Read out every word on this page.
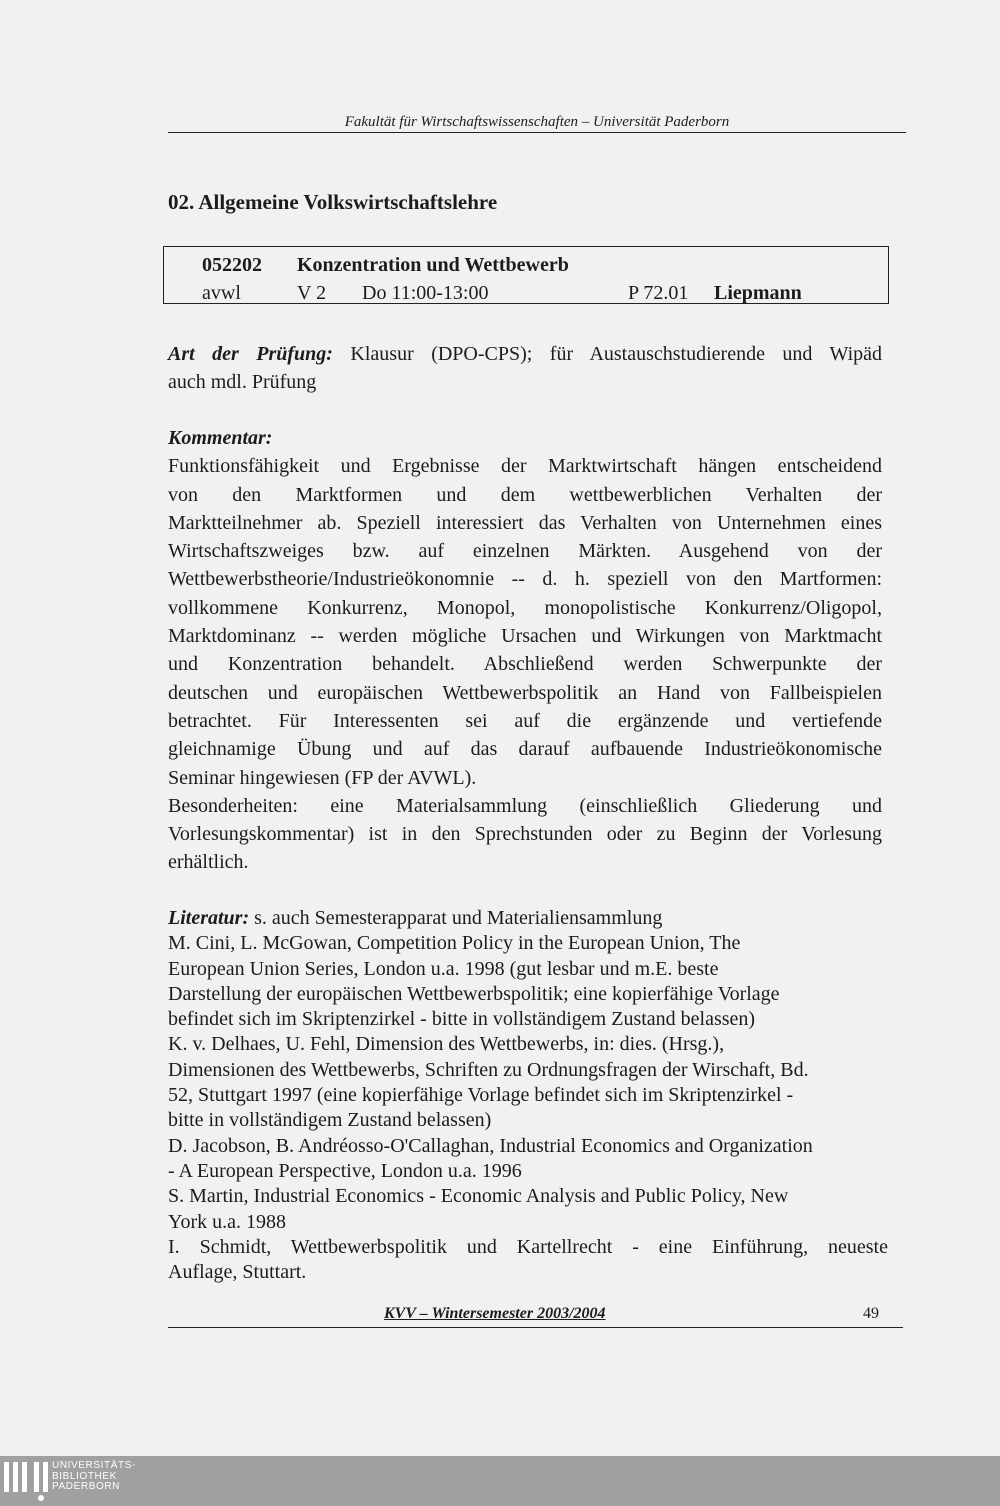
Fakultät für Wirtschaftswissenschaften – Universität Paderborn
02. Allgemeine Volkswirtschaftslehre
052202 Konzentration und Wettbewerb
avwl	V 2 Do 11:00-13:00	P 72.01 Liepmann
Art der Prüfung: Klausur (DPO-CPS); für Austauschstudierende und Wipäd
auch mdl. Prüfung
Kommentar:
Funktionsfähigkeit und Ergebnisse der Marktwirtschaft hängen entscheidend
von den Marktformen und dem wettbewerblichen Verhalten der
Marktteilnehmer ab. Speziell interessiert das Verhalten von Unternehmen eines
Wirtschaftszweiges bzw. auf einzelnen Märkten. Ausgehend von der
Wettbewerbstheorie/Industrieökonomnie -- d. h. speziell von den Martformen:
vollkommene Konkurrenz, Monopol, monopolistische Konkurrenz/Oligopol,
Marktdominanz -- werden mögliche Ursachen und Wirkungen von Marktmacht
und Konzentration behandelt. Abschließend werden Schwerpunkte der
deutschen und europäischen Wettbewerbspolitik an Hand von Fallbeispielen
betrachtet. Für Interessenten sei auf die ergänzende und vertiefende
gleichnamige Übung und auf das darauf aufbauende Industrieökonomische
Seminar hingewiesen (FP der AVWL).
Besonderheiten: eine Materialsammlung (einschließlich Gliederung und
Vorlesungskommentar) ist in den Sprechstunden oder zu Beginn der Vorlesung
erhältlich.
Literatur: s. auch Semesterapparat und Materialiensammlung
M. Cini, L. McGowan, Competition Policy in the European Union, The
European Union Series, London u.a. 1998 (gut lesbar und m.E. beste
Darstellung der europäischen Wettbewerbspolitik; eine kopierfähige Vorlage
befindet sich im Skriptenzirkel - bitte in vollständigem Zustand belassen)
K. v. Delhaes, U. Fehl, Dimension des Wettbewerbs, in: dies. (Hrsg.),
Dimensionen des Wettbewerbs, Schriften zu Ordnungsfragen der Wirschaft, Bd.
52, Stuttgart 1997 (eine kopierfähige Vorlage befindet sich im Skriptenzirkel -
bitte in vollständigem Zustand belassen)
D. Jacobson, B. Andréosso-O'Callaghan, Industrial Economics and Organization
- A European Perspective, London u.a. 1996
S. Martin, Industrial Economics - Economic Analysis and Public Policy, New
York u.a. 1988
I. Schmidt, Wettbewerbspolitik und Kartellrecht - eine Einführung, neueste
Auflage, Stuttart.
KVV – Wintersemester 2003/2004	49
UNIVERSITÄTS-
BIBLIOTHEK
PADERBORN
